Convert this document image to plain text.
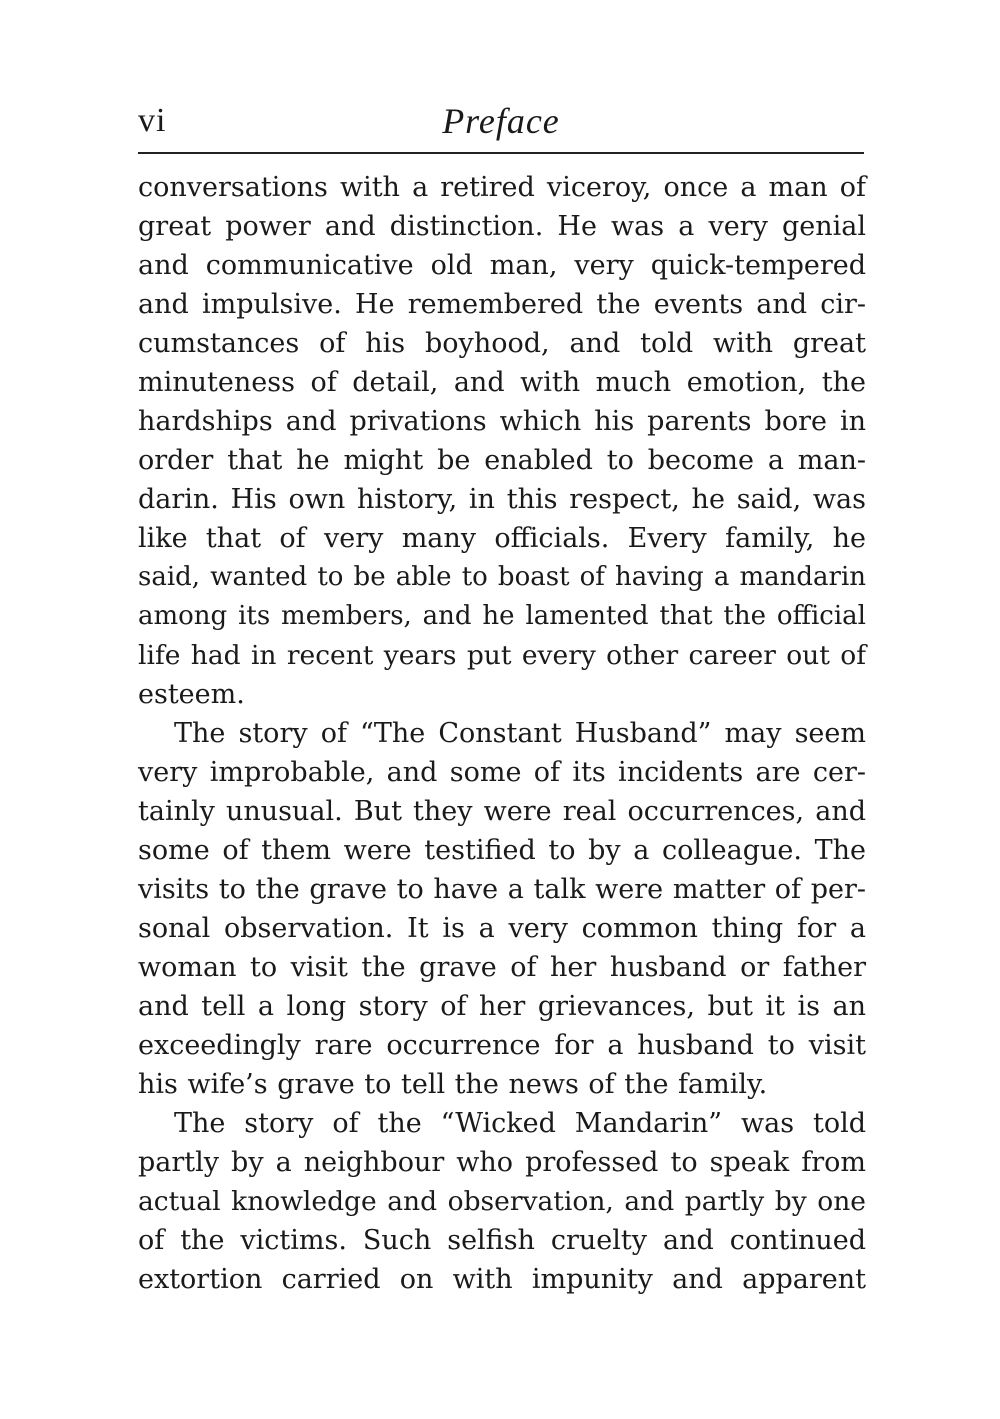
vi	Preface
conversations with a retired viceroy, once a man of
great power and distinction. He was a very genial
and communicative old man, very quick-tempered
and impulsive. He remembered the events and cir-
cumstances of his boyhood, and told with great
minuteness of detail, and with much emotion, the
hardships and privations which his parents bore in
order that he might be enabled to become a man-
darin. His own history, in this respect, he said, was
like that of very many officials. Every family, he
said, wanted to be able to boast of having a mandarin
among its members, and he lamented that the official
life had in recent years put every other career out of
esteem.
The story of “The Constant Husband” may seem
very improbable, and some of its incidents are cer-
tainly unusual. But they were real occurrences, and
some of them were testified to by a colleague. The
visits to the grave to have a talk were matter of per-
sonal observation. It is a very common thing for a
woman to visit the grave of her husband or father
and tell a long story of her grievances, but it is an
exceedingly rare occurrence for a husband to visit
his wife’s grave to tell the news of the family.
The story of the “Wicked Mandarin” was told
partly by a neighbour who professed to speak from
actual knowledge and observation, and partly by one
of the victims. Such selfish cruelty and continued
extortion carried on with impunity and apparent
